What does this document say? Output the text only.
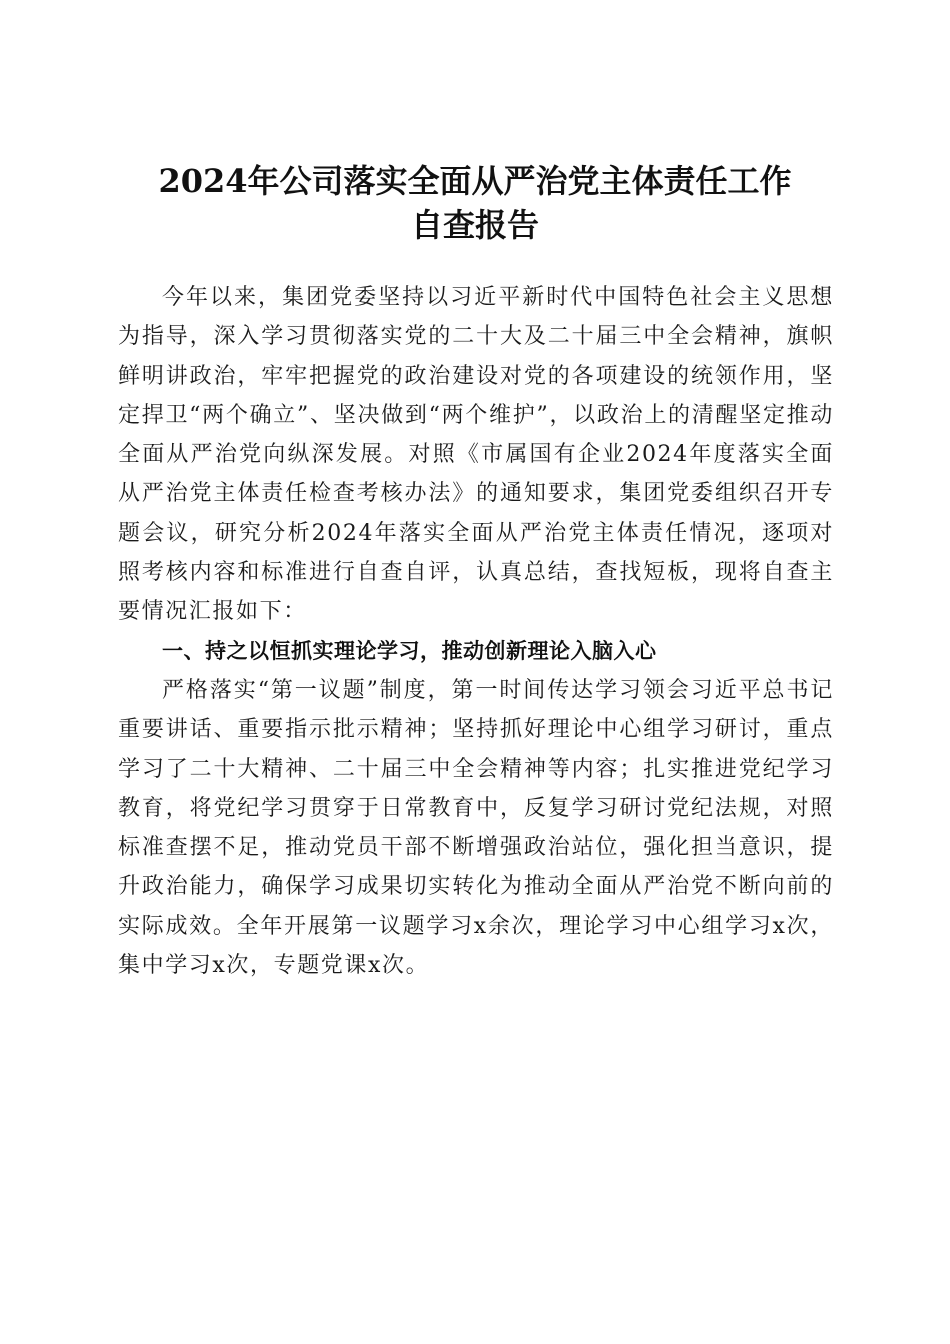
2024年公司落实全面从严治党主体责任工作
自查报告

今年以来，集团党委坚持以习近平新时代中国特色社会主义思想为指导，深入学习贯彻落实党的二十大及二十届三中全会精神，旗帜鲜明讲政治，牢牢把握党的政治建设对党的各项建设的统领作用，坚定捍卫“两个确立”、坚决做到“两个维护”，以政治上的清醒坚定推动全面从严治党向纵深发展。对照《市属国有企业2024年度落实全面从严治党主体责任检查考核办法》的通知要求，集团党委组织召开专题会议，研究分析2024年落实全面从严治党主体责任情况，逐项对照考核内容和标准进行自查自评，认真总结，查找短板，现将自查主要情况汇报如下：

一、持之以恒抓实理论学习，推动创新理论入脑入心

严格落实“第一议题”制度，第一时间传达学习领会习近平总书记重要讲话、重要指示批示精神；坚持抓好理论中心组学习研讨，重点学习了二十大精神、二十届三中全会精神等内容；扎实推进党纪学习教育，将党纪学习贯穿于日常教育中，反复学习研讨党纪法规，对照标准查摆不足，推动党员干部不断增强政治站位，强化担当意识，提升政治能力，确保学习成果切实转化为推动全面从严治党不断向前的实际成效。全年开展第一议题学习x余次，理论学习中心组学习x次，集中学习x次，专题党课x次。
